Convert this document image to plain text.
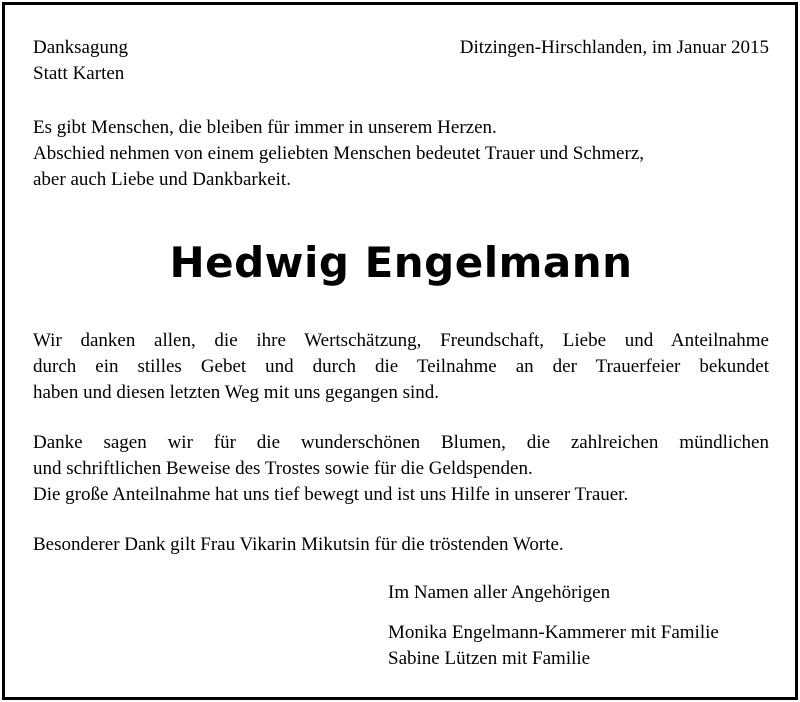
Danksagung
Statt Karten
Ditzingen-Hirschlanden, im Januar 2015
Es gibt Menschen, die bleiben für immer in unserem Herzen.
Abschied nehmen von einem geliebten Menschen bedeutet Trauer und Schmerz,
aber auch Liebe und Dankbarkeit.
Hedwig Engelmann
Wir danken allen, die ihre Wertschätzung, Freundschaft, Liebe und Anteilnahme
durch ein stilles Gebet und durch die Teilnahme an der Trauerfeier bekundet
haben und diesen letzten Weg mit uns gegangen sind.
Danke sagen wir für die wunderschönen Blumen, die zahlreichen mündlichen
und schriftlichen Beweise des Trostes sowie für die Geldspenden.
Die große Anteilnahme hat uns tief bewegt und ist uns Hilfe in unserer Trauer.
Besonderer Dank gilt Frau Vikarin Mikutsin für die tröstenden Worte.
Im Namen aller Angehörigen
Monika Engelmann-Kammerer mit Familie
Sabine Lützen mit Familie
